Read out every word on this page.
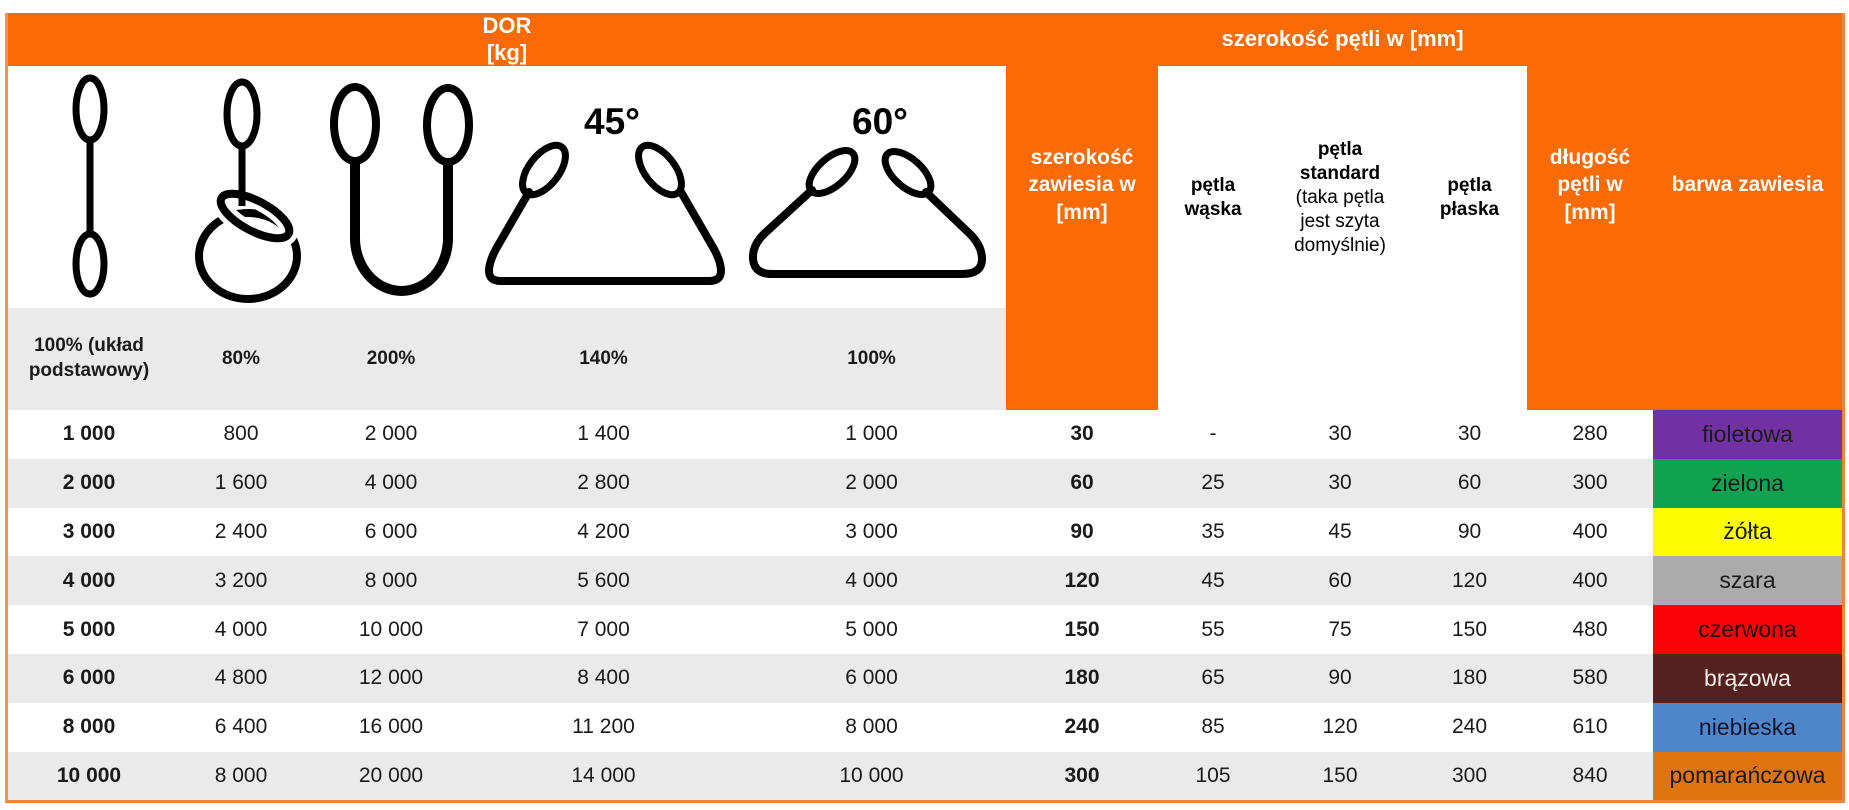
DOR
[kg]
szerokość pętli w [mm]
45°	60°
szerokość
zawiesia w
[mm]
pętla
wąska
pętla
standard
(taka pętla
jest szyta
domyślnie)
pętla
płaska
długość
pętli w
[mm]
barwa zawiesia
100% (układ podstawowy)
80%	200%	140%	100%
1 000	800	2 000	1 400	1 000	30	-	30	30	280	fioletowa
2 000	1 600	4 000	2 800	2 000	60	25	30	60	300	zielona
3 000	2 400	6 000	4 200	3 000	90	35	45	90	400	żółta
4 000	3 200	8 000	5 600	4 000	120	45	60	120	400	szara
5 000	4 000	10 000	7 000	5 000	150	55	75	150	480	czerwona
6 000	4 800	12 000	8 400	6 000	180	65	90	180	580	brązowa
8 000	6 400	16 000	11 200	8 000	240	85	120	240	610	niebieska
10 000	8 000	20 000	14 000	10 000	300	105	150	300	840	pomarańczowa
